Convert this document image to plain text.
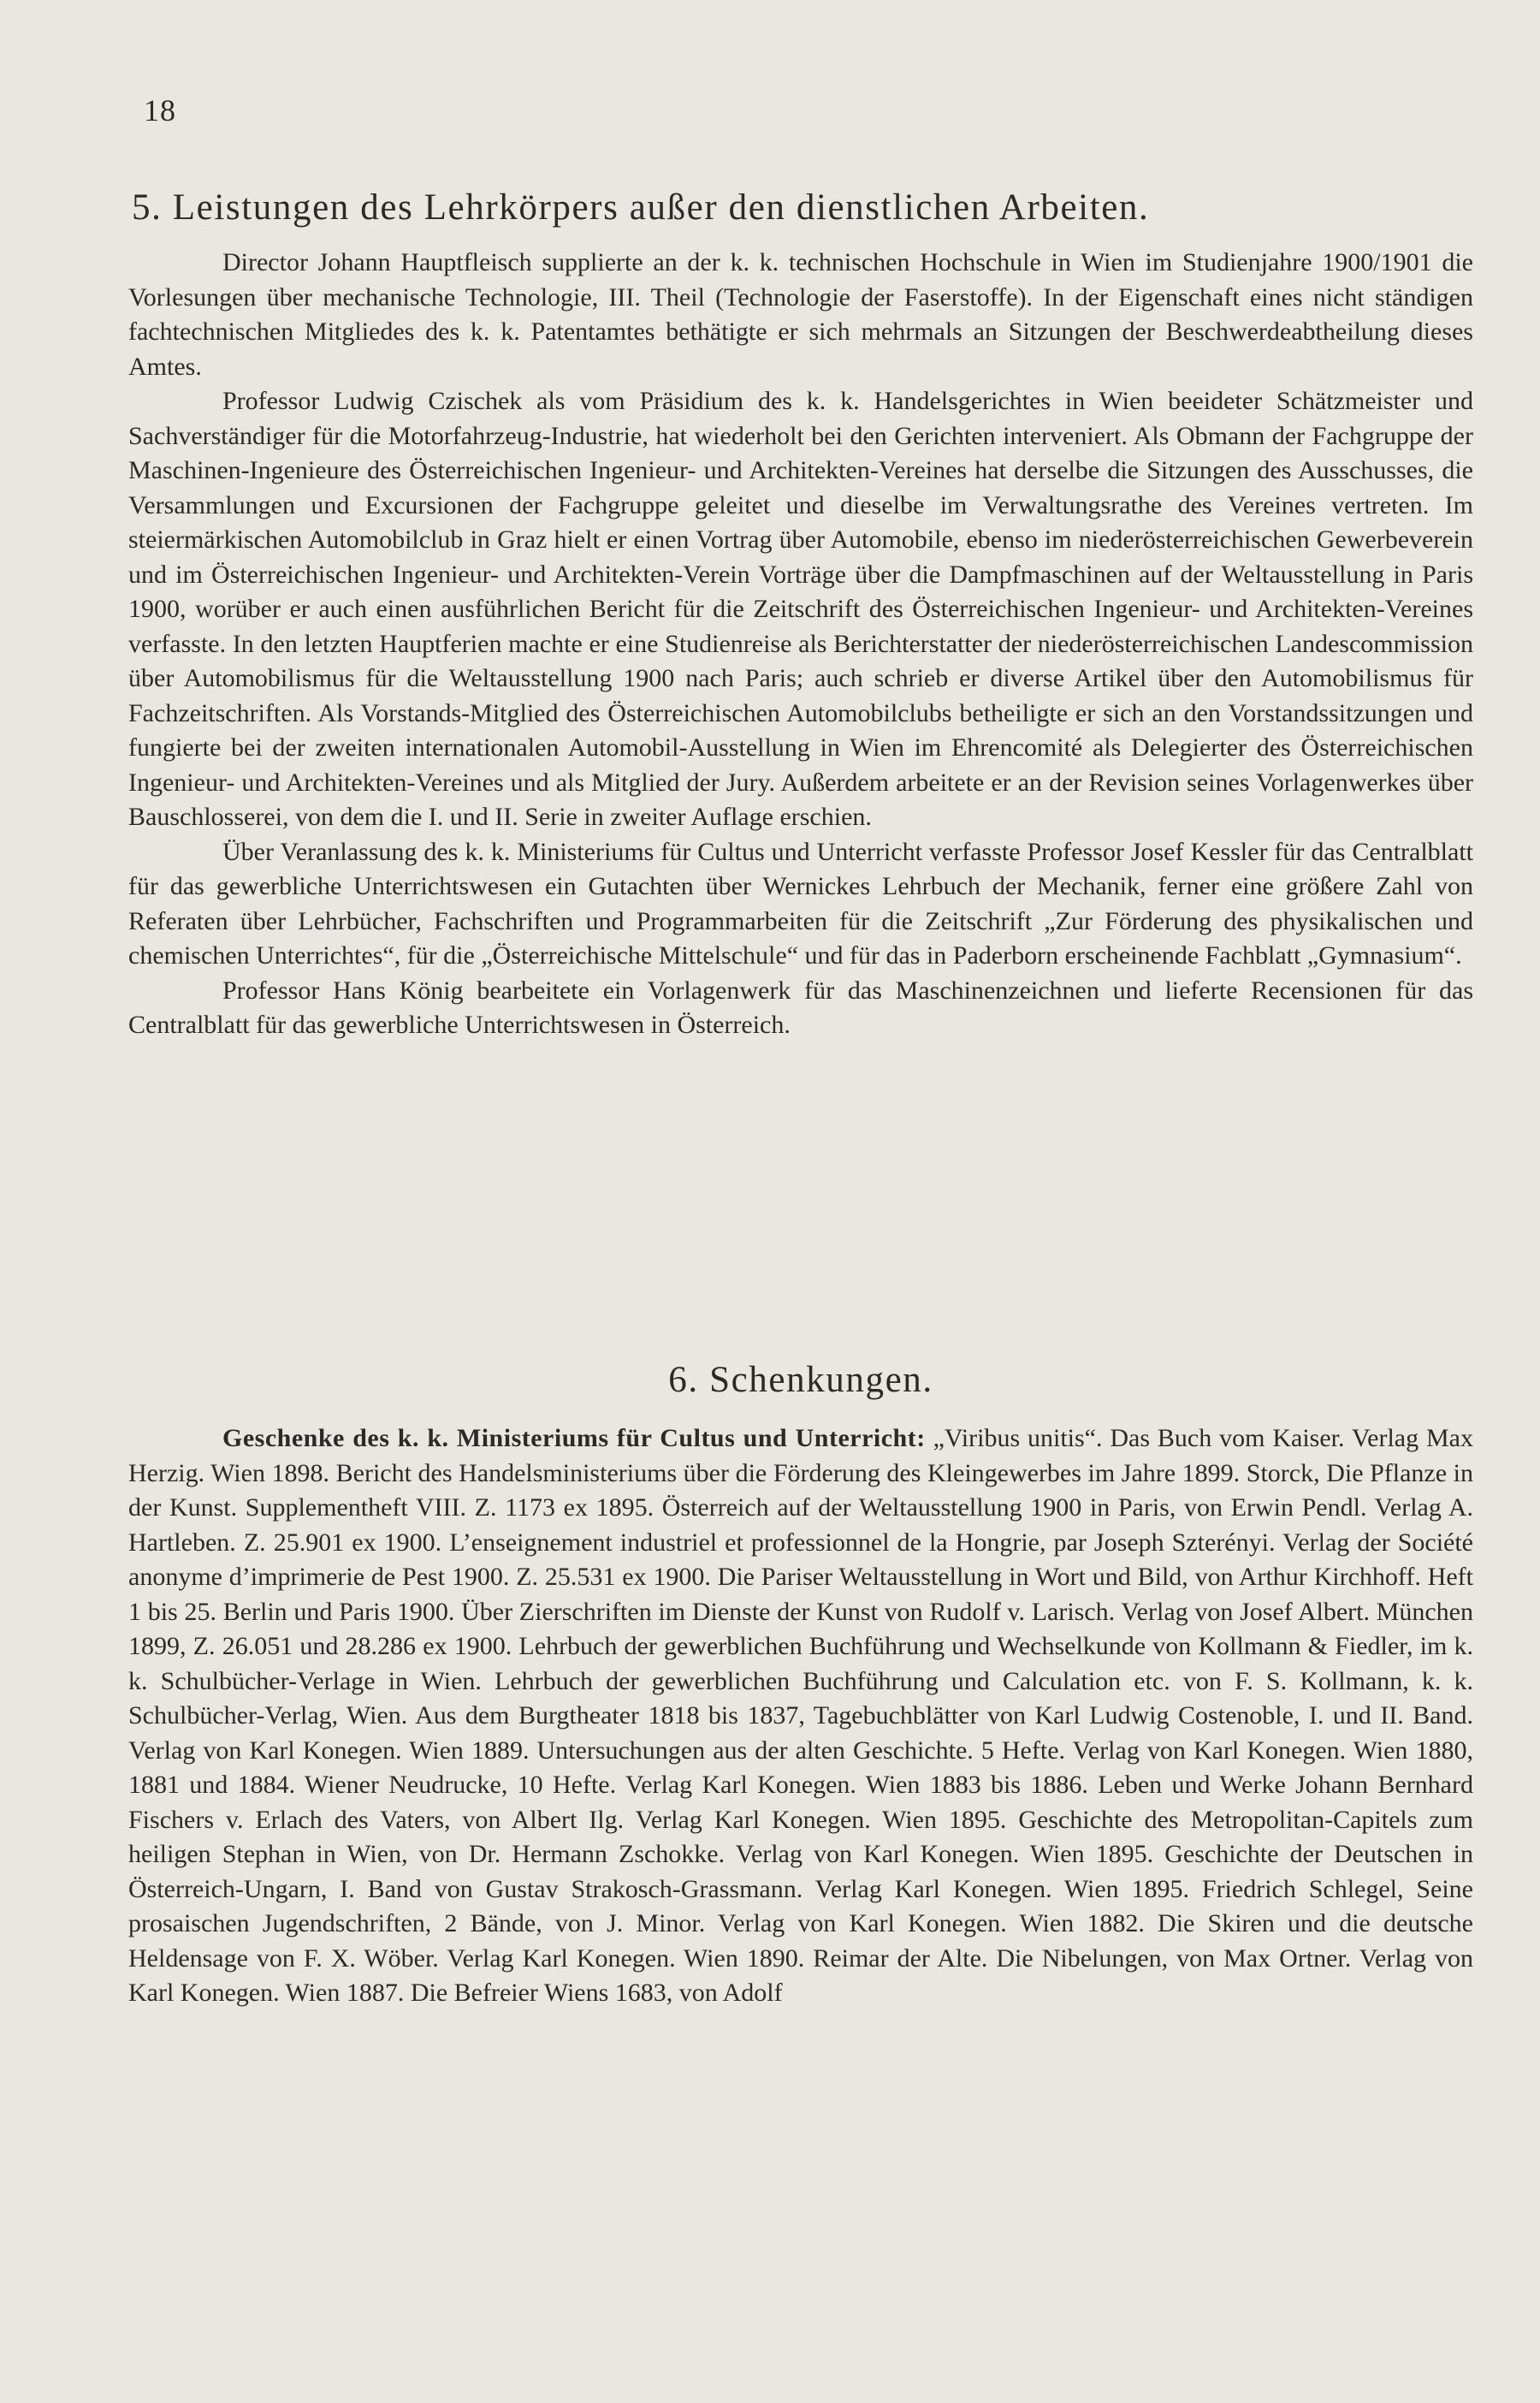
18
5. Leistungen des Lehrkörpers außer den dienstlichen Arbeiten.

Director Johann Hauptfleisch supplierte an der k. k. technischen Hochschule in Wien im Studienjahre 1900/1901 die Vorlesungen über mechanische Technologie, III. Theil (Technologie der Faserstoffe). In der Eigenschaft eines nicht ständigen fachtechnischen Mitgliedes des k. k. Patentamtes bethätigte er sich mehrmals an Sitzungen der Beschwerdeabtheilung dieses Amtes.

Professor Ludwig Czischek als vom Präsidium des k. k. Handelsgerichtes in Wien beeideter Schätzmeister und Sachverständiger für die Motorfahrzeug-Industrie, hat wiederholt bei den Gerichten interveniert. Als Obmann der Fachgruppe der Maschinen-Ingenieure des Österreichischen Ingenieur- und Architekten-Vereines hat derselbe die Sitzungen des Ausschusses, die Versammlungen und Excursionen der Fachgruppe geleitet und dieselbe im Verwaltungsrathe des Vereines vertreten. Im steiermärkischen Automobilclub in Graz hielt er einen Vortrag über Automobile, ebenso im niederösterreichischen Gewerbeverein und im Österreichischen Ingenieur- und Architekten-Verein Vorträge über die Dampfmaschinen auf der Weltausstellung in Paris 1900, worüber er auch einen ausführlichen Bericht für die Zeitschrift des Österreichischen Ingenieur- und Architekten-Vereines verfasste. In den letzten Hauptferien machte er eine Studienreise als Berichterstatter der niederösterreichischen Landescommission über Automobilismus für die Weltausstellung 1900 nach Paris; auch schrieb er diverse Artikel über den Automobilismus für Fachzeitschriften. Als Vorstands-Mitglied des Österreichischen Automobilclubs betheiligte er sich an den Vorstandssitzungen und fungierte bei der zweiten internationalen Automobil-Ausstellung in Wien im Ehrencomité als Delegierter des Österreichischen Ingenieur- und Architekten-Vereines und als Mitglied der Jury. Außerdem arbeitete er an der Revision seines Vorlagenwerkes über Bauschlosserei, von dem die I. und II. Serie in zweiter Auflage erschien.

Über Veranlassung des k. k. Ministeriums für Cultus und Unterricht verfasste Professor Josef Kessler für das Centralblatt für das gewerbliche Unterrichtswesen ein Gutachten über Wernickes Lehrbuch der Mechanik, ferner eine größere Zahl von Referaten über Lehrbücher, Fachschriften und Programmarbeiten für die Zeitschrift „Zur Förderung des physikalischen und chemischen Unterrichtes“, für die „Österreichische Mittelschule“ und für das in Paderborn erscheinende Fachblatt „Gymnasium“.

Professor Hans König bearbeitete ein Vorlagenwerk für das Maschinenzeichnen und lieferte Recensionen für das Centralblatt für das gewerbliche Unterrichtswesen in Österreich.

6. Schenkungen.

Geschenke des k. k. Ministeriums für Cultus und Unterricht: „Viribus unitis“. Das Buch vom Kaiser. Verlag Max Herzig. Wien 1898. Bericht des Handelsministeriums über die Förderung des Kleingewerbes im Jahre 1899. Storck, Die Pflanze in der Kunst. Supplementheft VIII. Z. 1173 ex 1895. Österreich auf der Weltausstellung 1900 in Paris, von Erwin Pendl. Verlag A. Hartleben. Z. 25.901 ex 1900. L’enseignement industriel et professionnel de la Hongrie, par Joseph Szterényi. Verlag der Société anonyme d’imprimerie de Pest 1900. Z. 25.531 ex 1900. Die Pariser Weltausstellung in Wort und Bild, von Arthur Kirchhoff. Heft 1 bis 25. Berlin und Paris 1900. Über Zierschriften im Dienste der Kunst von Rudolf v. Larisch. Verlag von Josef Albert. München 1899, Z. 26.051 und 28.286 ex 1900. Lehrbuch der gewerblichen Buchführung und Wechselkunde von Kollmann & Fiedler, im k. k. Schulbücher-Verlage in Wien. Lehrbuch der gewerblichen Buchführung und Calculation etc. von F. S. Kollmann, k. k. Schulbücher-Verlag, Wien. Aus dem Burgtheater 1818 bis 1837, Tagebuchblätter von Karl Ludwig Costenoble, I. und II. Band. Verlag von Karl Konegen. Wien 1889. Untersuchungen aus der alten Geschichte. 5 Hefte. Verlag von Karl Konegen. Wien 1880, 1881 und 1884. Wiener Neudrucke, 10 Hefte. Verlag Karl Konegen. Wien 1883 bis 1886. Leben und Werke Johann Bernhard Fischers v. Erlach des Vaters, von Albert Ilg. Verlag Karl Konegen. Wien 1895. Geschichte des Metropolitan-Capitels zum heiligen Stephan in Wien, von Dr. Hermann Zschokke. Verlag von Karl Konegen. Wien 1895. Geschichte der Deutschen in Österreich-Ungarn, I. Band von Gustav Strakosch-Grassmann. Verlag Karl Konegen. Wien 1895. Friedrich Schlegel, Seine prosaischen Jugendschriften, 2 Bände, von J. Minor. Verlag von Karl Konegen. Wien 1882. Die Skiren und die deutsche Heldensage von F. X. Wöber. Verlag Karl Konegen. Wien 1890. Reimar der Alte. Die Nibelungen, von Max Ortner. Verlag von Karl Konegen. Wien 1887. Die Befreier Wiens 1683, von Adolf
